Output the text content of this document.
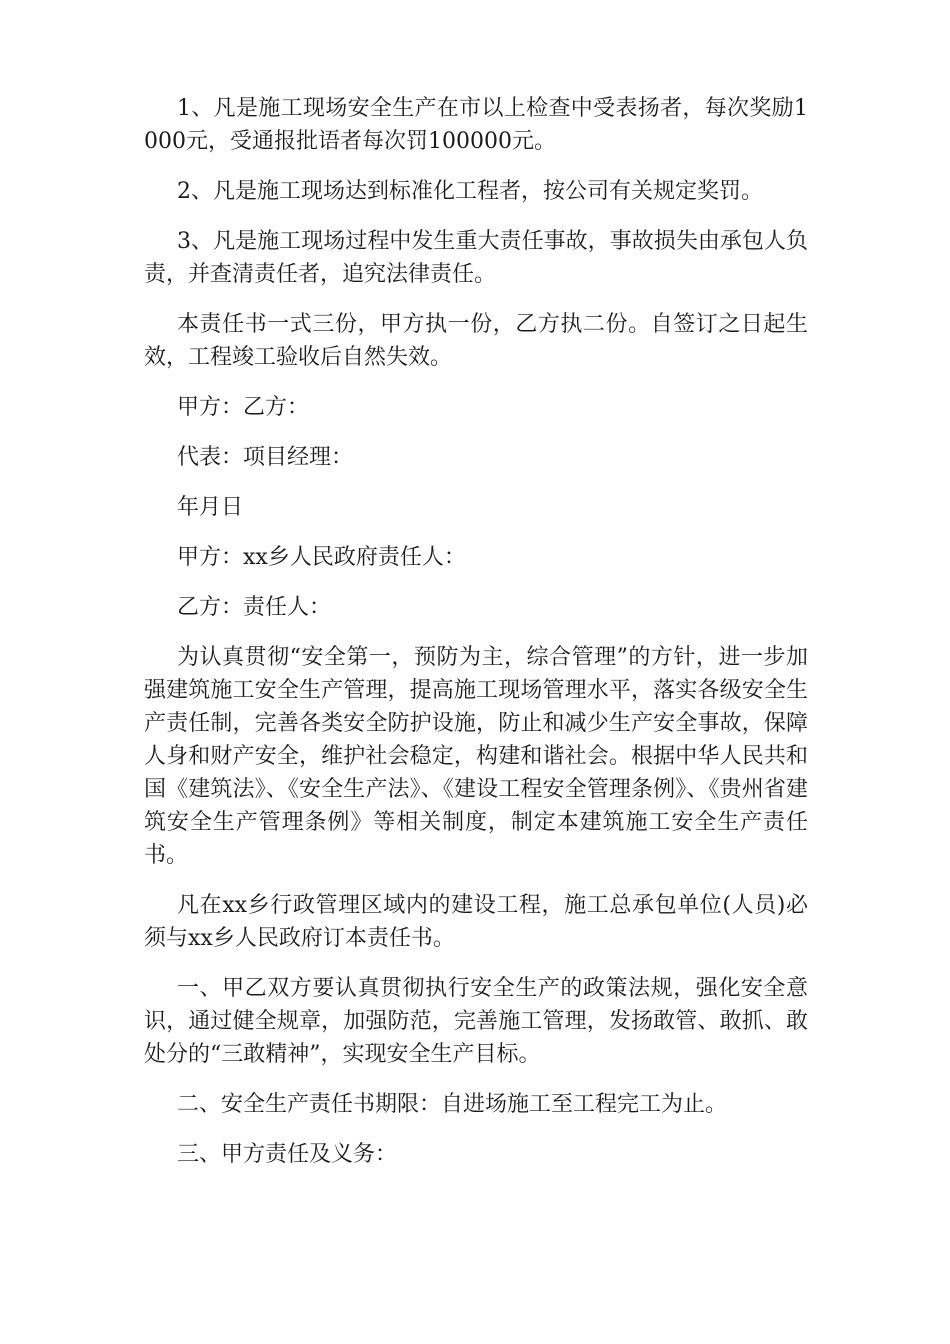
1、凡是施工现场安全生产在市以上检查中受表扬者，每次奖励1000元，受通报批语者每次罚100000元。

2、凡是施工现场达到标准化工程者，按公司有关规定奖罚。

3、凡是施工现场过程中发生重大责任事故，事故损失由承包人负责，并查清责任者，追究法律责任。

本责任书一式三份，甲方执一份，乙方执二份。自签订之日起生效，工程竣工验收后自然失效。

甲方：乙方：

代表：项目经理：

年月日

甲方：xx乡人民政府责任人：

乙方：责任人：

为认真贯彻“安全第一，预防为主，综合管理”的方针，进一步加强建筑施工安全生产管理，提高施工现场管理水平，落实各级安全生产责任制，完善各类安全防护设施，防止和减少生产安全事故，保障人身和财产安全，维护社会稳定，构建和谐社会。根据中华人民共和国《建筑法》、《安全生产法》、《建设工程安全管理条例》、《贵州省建筑安全生产管理条例》等相关制度，制定本建筑施工安全生产责任书。

凡在xx乡行政管理区域内的建设工程，施工总承包单位(人员)必须与xx乡人民政府订本责任书。

一、甲乙双方要认真贯彻执行安全生产的政策法规，强化安全意识，通过健全规章，加强防范，完善施工管理，发扬敢管、敢抓、敢处分的“三敢精神”，实现安全生产目标。

二、安全生产责任书期限：自进场施工至工程完工为止。

三、甲方责任及义务：
